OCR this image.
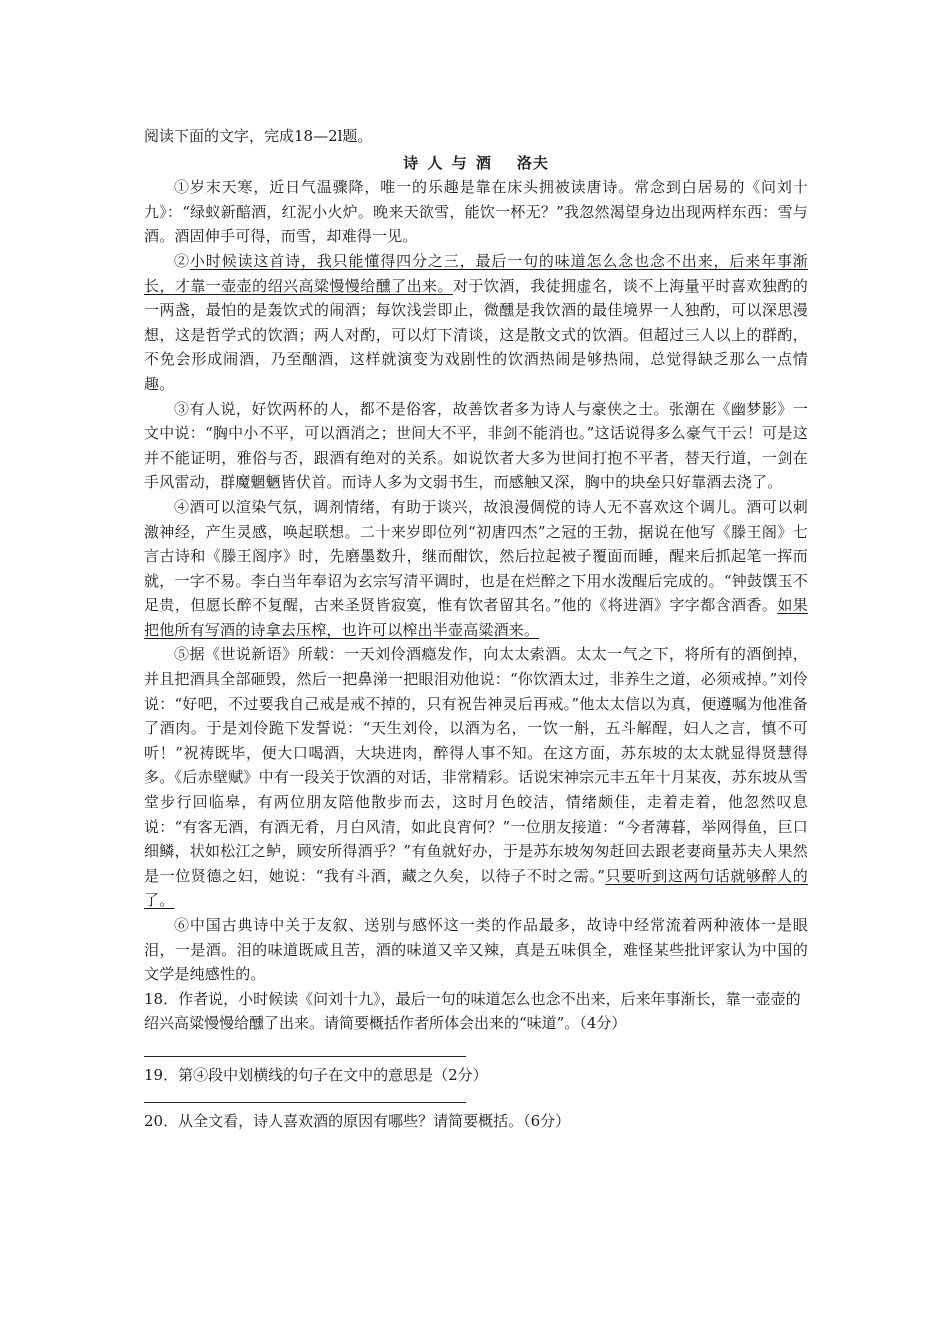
阅读下面的文字，完成18—2l题。
诗 人 与 酒 洛夫
①岁末天寒，近日气温骤降，唯一的乐趣是靠在床头拥被读唐诗。常念到白居易的《问刘十九》：“绿蚁新醅酒，红泥小火炉。晚来天欲雪，能饮一杯无？”我忽然渴望身边出现两样东西：雪与酒。酒固伸手可得，而雪，却难得一见。
②小时候读这首诗，我只能懂得四分之三，最后一句的味道怎么念也念不出来，后来年事渐长，才靠一壶壶的绍兴高粱慢慢给醺了出来。对于饮酒，我徒拥虚名，谈不上海量平时喜欢独酌的一两盏，最怕的是轰饮式的闹酒；每饮浅尝即止，微醺是我饮酒的最佳境界一人独酌，可以深思漫想，这是哲学式的饮酒；两人对酌，可以灯下清谈，这是散文式的饮酒。但超过三人以上的群酌，不免会形成闹酒，乃至酗酒，这样就演变为戏剧性的饮酒热闹是够热闹，总觉得缺乏那么一点情趣。
③有人说，好饮两杯的人，都不是俗客，故善饮者多为诗人与豪侠之士。张潮在《幽梦影》一文中说：“胸中小不平，可以酒消之；世间大不平，非剑不能消也。”这话说得多么豪气干云！可是这并不能证明，雅俗与否，跟酒有绝对的关系。如说饮者大多为世间打抱不平者，替天行道，一剑在手风雷动，群魔魍魉皆伏首。而诗人多为文弱书生，而感触又深，胸中的块垒只好靠酒去浇了。
④酒可以渲染气氛，调剂情绪，有助于谈兴，故浪漫倜傥的诗人无不喜欢这个调儿。酒可以刺激神经，产生灵感，唤起联想。二十来岁即位列“初唐四杰”之冠的王勃，据说在他写《滕王阁》七言古诗和《滕王阁序》时，先磨墨数升，继而酣饮，然后拉起被子覆面而睡，醒来后抓起笔一挥而就，一字不易。李白当年奉诏为玄宗写清平调时，也是在烂醉之下用水泼醒后完成的。“钟鼓馔玉不足贵，但愿长醉不复醒，古来圣贤皆寂寞，惟有饮者留其名。”他的《将进酒》字字都含酒香。如果把他所有写酒的诗拿去压榨，也许可以榨出半壶高粱酒来。
⑤据《世说新语》所载：一天刘伶酒瘾发作，向太太索酒。太太一气之下，将所有的酒倒掉，并且把酒具全部砸毁，然后一把鼻涕一把眼泪劝他说：“你饮酒太过，非养生之道，必须戒掉。”刘伶说：“好吧，不过要我自己戒是戒不掉的，只有祝告神灵后再戒。”他太太信以为真，便遵嘱为他准备了酒肉。于是刘伶跪下发誓说：“天生刘伶，以酒为名，一饮一斛，五斗解酲，妇人之言，慎不可听！”祝祷既毕，便大口喝酒，大块进肉，醉得人事不知。在这方面，苏东坡的太太就显得贤慧得多。《后赤壁赋》中有一段关于饮酒的对话，非常精彩。话说宋神宗元丰五年十月某夜，苏东坡从雪堂步行回临皋，有两位朋友陪他散步而去，这时月色皎洁，情绪颇佳，走着走着，他忽然叹息说：“有客无酒，有酒无肴，月白风清，如此良宵何？”一位朋友接道：“今者薄暮，举网得鱼，巨口细鳞，状如松江之鲈，顾安所得酒乎？”有鱼就好办，于是苏东坡匆匆赶回去跟老妻商量苏夫人果然是一位贤德之妇，她说：“我有斗酒，藏之久矣，以待子不时之需。”只要听到这两句话就够醉人的了。
⑥中国古典诗中关于友叙、送别与感怀这一类的作品最多，故诗中经常流着两种液体一是眼泪，一是酒。泪的味道既咸且苦，酒的味道又辛又辣，真是五味俱全，难怪某些批评家认为中国的文学是纯感性的。
18．作者说，小时候读《问刘十九》，最后一句的味道怎么也念不出来，后来年事渐长，靠一壶壶的绍兴高粱慢慢给醺了出来。请简要概括作者所体会出来的“味道”。（4分）
19．第④段中划横线的句子在文中的意思是（2分）
20．从全文看，诗人喜欢酒的原因有哪些？请简要概括。（6分）
